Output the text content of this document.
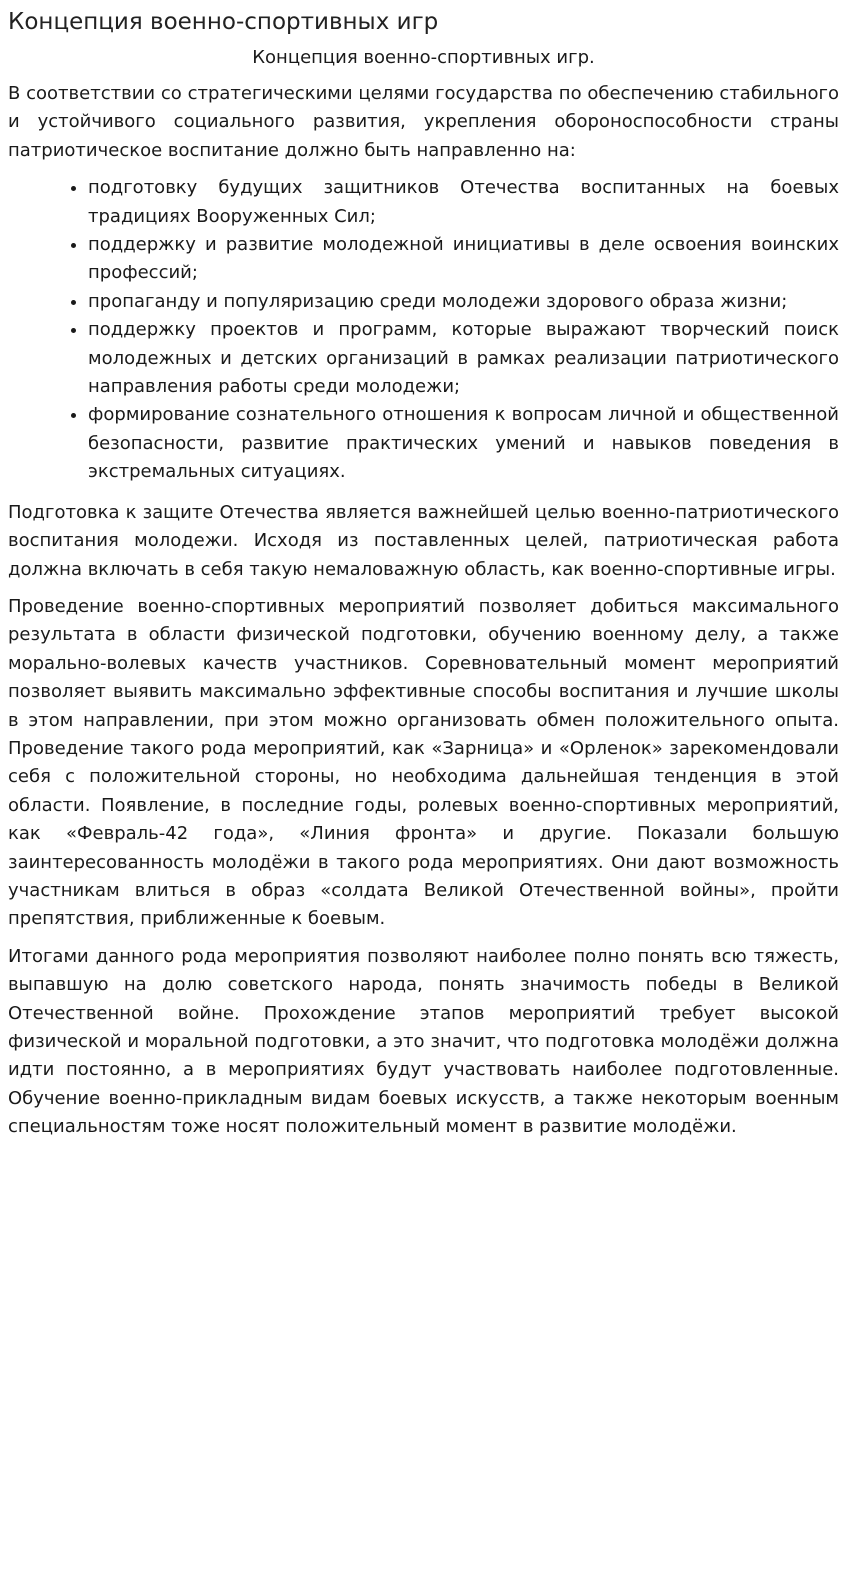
Концепция военно-спортивных игр
Концепция военно-спортивных игр.

В соответствии со стратегическими целями государства по обеспечению стабильного и устойчивого социального развития, укрепления обороноспособности страны патриотическое воспитание должно быть направленно на:

• подготовку будущих защитников Отечества воспитанных на боевых традициях Вооруженных Сил;
• поддержку и развитие молодежной инициативы в деле освоения воинских профессий;
• пропаганду и популяризацию среди молодежи здорового образа жизни;
• поддержку проектов и программ, которые выражают творческий поиск молодежных и детских организаций в рамках реализации патриотического направления работы среди молодежи;
• формирование сознательного отношения к вопросам личной и общественной безопасности, развитие практических умений и навыков поведения в экстремальных ситуациях.

Подготовка к защите Отечества является важнейшей целью военно-патриотического воспитания молодежи. Исходя из поставленных целей, патриотическая работа должна включать в себя такую немаловажную область, как военно-спортивные игры.

Проведение военно-спортивных мероприятий позволяет добиться максимального результата в области физической подготовки, обучению военному делу, а также морально-волевых качеств участников. Соревновательный момент мероприятий позволяет выявить максимально эффективные способы воспитания и лучшие школы в этом направлении, при этом можно организовать обмен положительного опыта. Проведение такого рода мероприятий, как «Зарница» и «Орленок» зарекомендовали себя с положительной стороны, но необходима дальнейшая тенденция в этой области. Появление, в последние годы, ролевых военно-спортивных мероприятий, как «Февраль-42 года», «Линия фронта» и другие. Показали большую заинтересованность молодёжи в такого рода мероприятиях. Они дают возможность участникам влиться в образ «солдата Великой Отечественной войны», пройти препятствия, приближенные к боевым.

Итогами данного рода мероприятия позволяют наиболее полно понять всю тяжесть, выпавшую на долю советского народа, понять значимость победы в Великой Отечественной войне. Прохождение этапов мероприятий требует высокой физической и моральной подготовки, а это значит, что подготовка молодёжи должна идти постоянно, а в мероприятиях будут участвовать наиболее подготовленные. Обучение военно-прикладным видам боевых искусств, а также некоторым военным специальностям тоже носят положительный момент в развитие молодёжи.
